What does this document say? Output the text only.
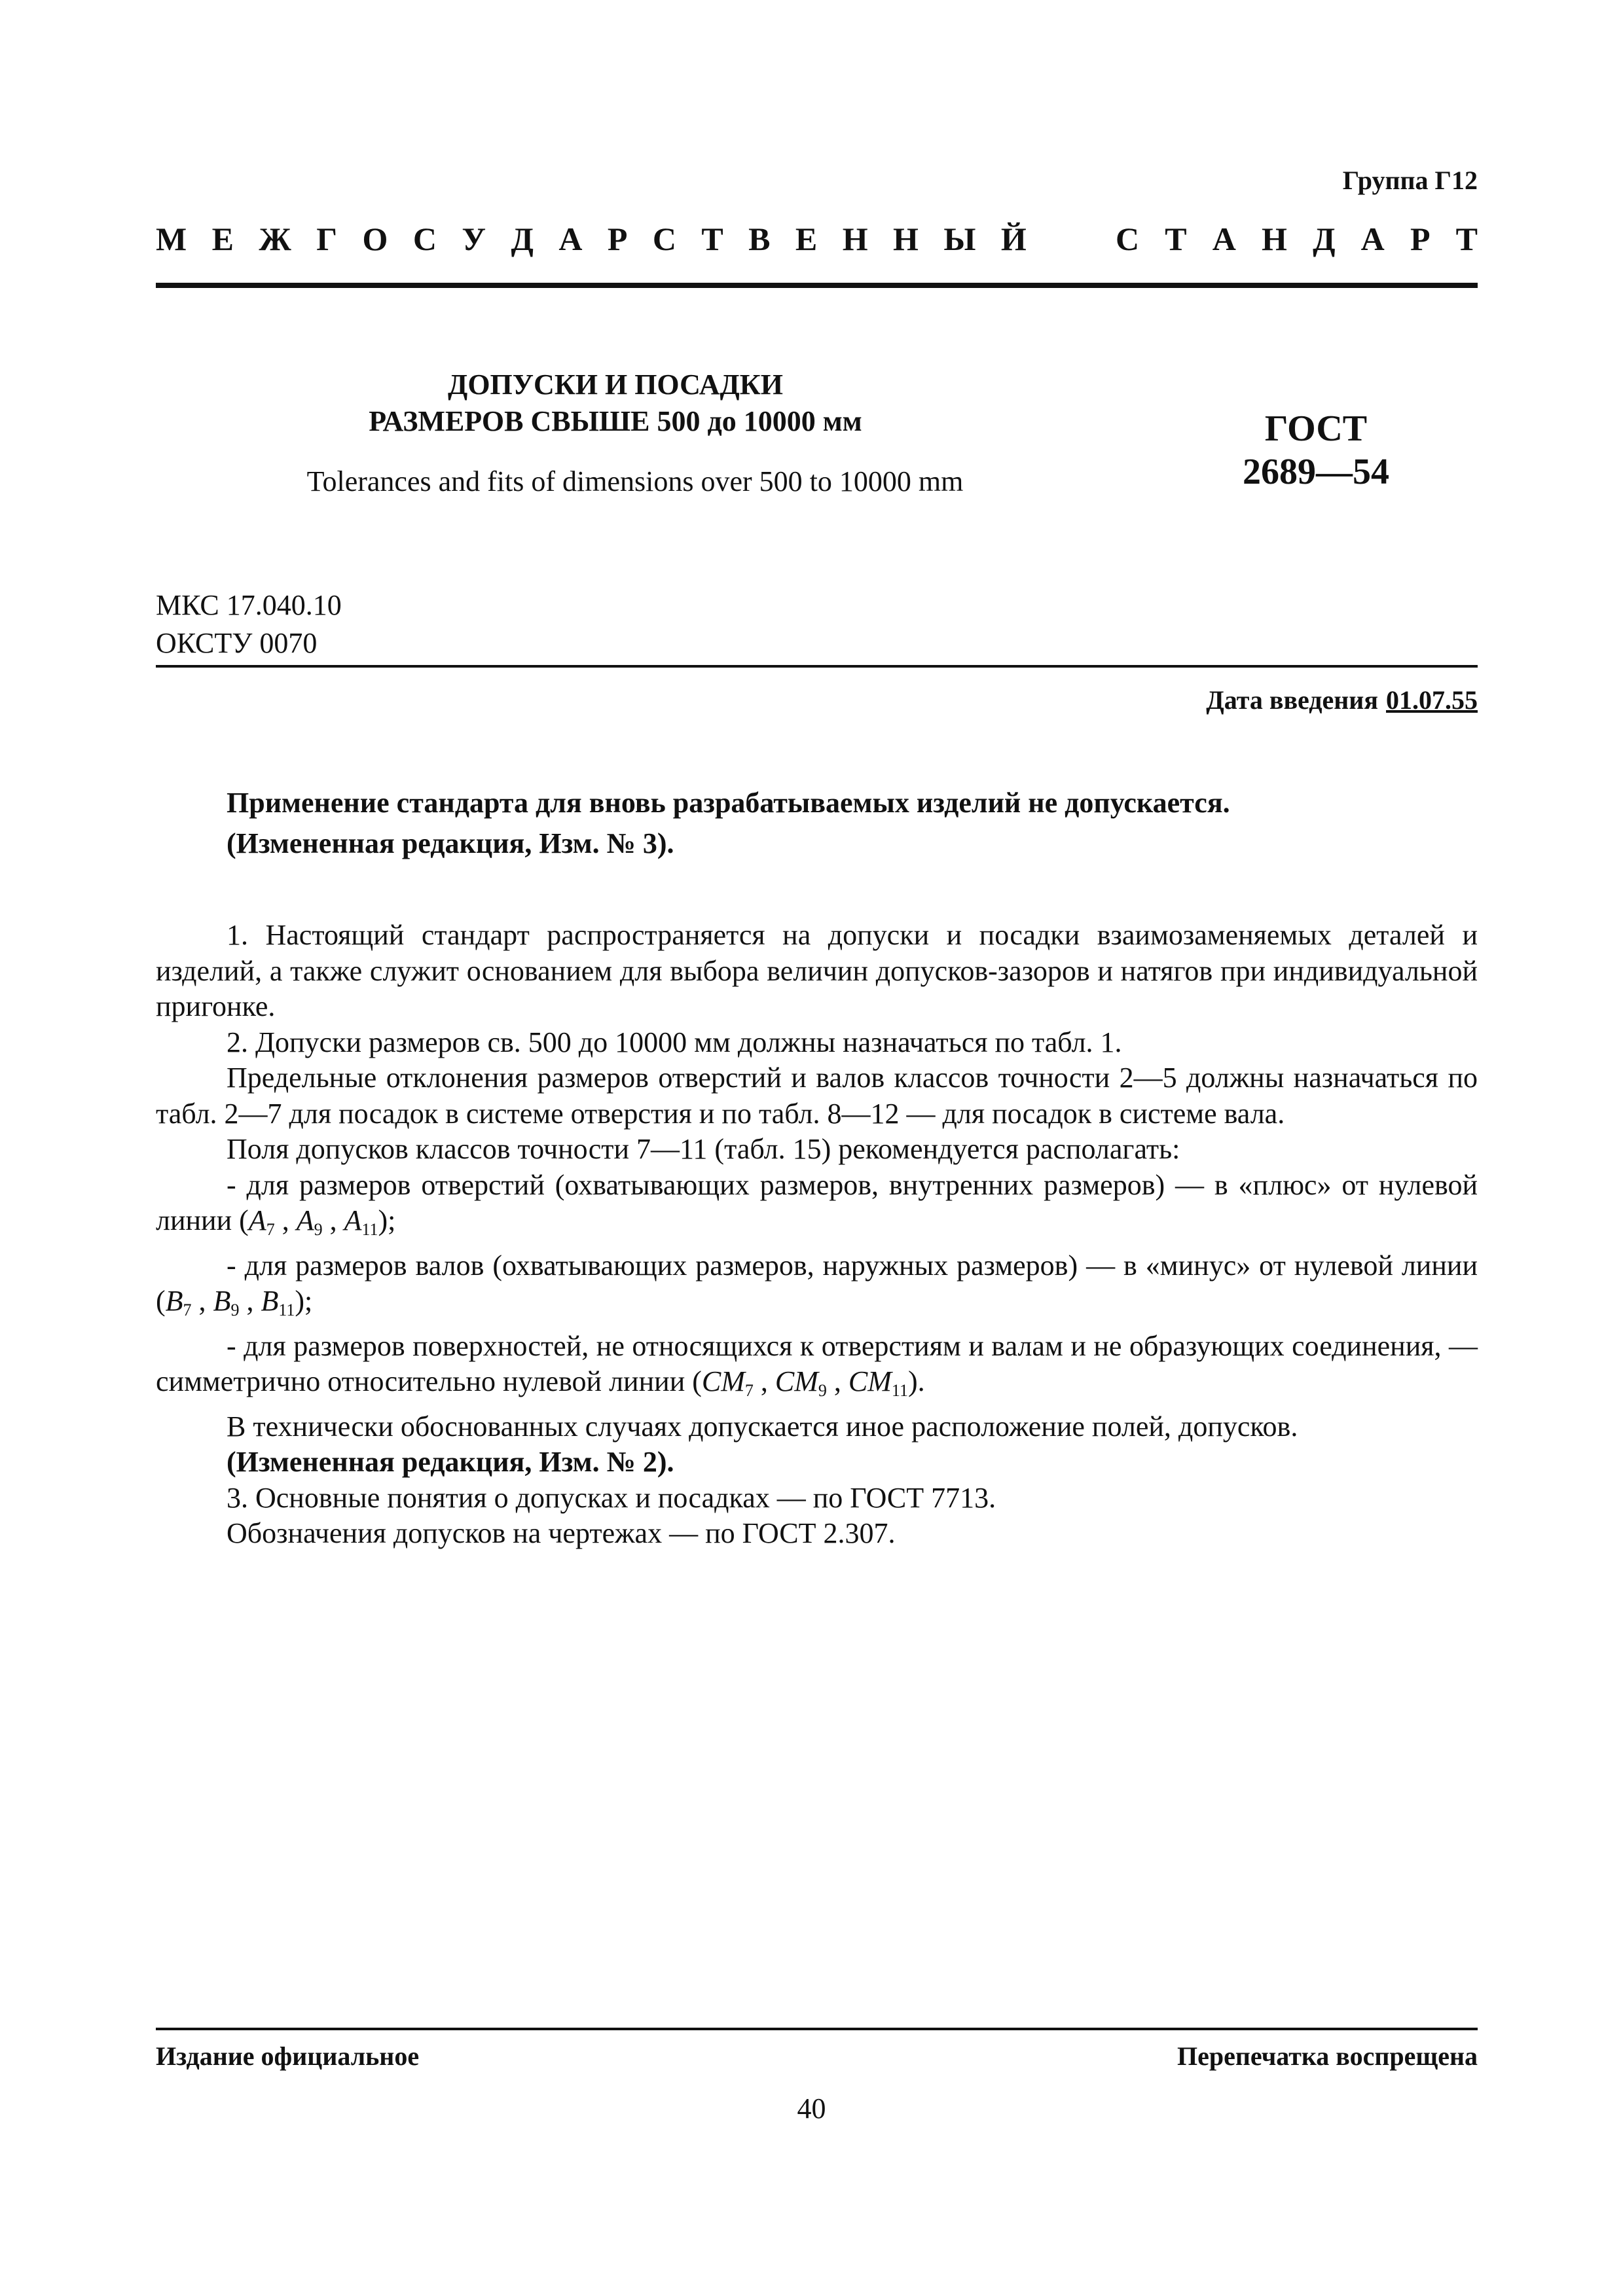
Группа Г12
М Е Ж Г О С У Д А Р С Т В Е Н Н Ы Й	С Т А Н Д А Р Т
ДОПУСКИ И ПОСАДКИ
РАЗМЕРОВ СВЫШЕ 500 до 10000 мм
Tolerances and fits of dimensions over 500 to 10000 mm
ГОСТ
2689—54
МКС 17.040.10
ОКСТУ 0070
Дата введения 01.07.55
Применение стандарта для вновь разрабатываемых изделий не допускается.
(Измененная редакция, Изм. № 3).

1. Настоящий стандарт распространяется на допуски и посадки взаимозаменяемых деталей и изделий, а также служит основанием для выбора величин допусков-зазоров и натягов при индивидуальной пригонке.

2. Допуски размеров св. 500 до 10000 мм должны назначаться по табл. 1.

Предельные отклонения размеров отверстий и валов классов точности 2—5 должны назначаться по табл. 2—7 для посадок в системе отверстия и по табл. 8—12 — для посадок в системе вала.

Поля допусков классов точности 7—11 (табл. 15) рекомендуется располагать:

- для размеров отверстий (охватывающих размеров, внутренних размеров) — в «плюс» от нулевой линии ($A_7$ , $A_9$ , $A_{11}$);

- для размеров валов (охватывающих размеров, наружных размеров) — в «минус» от нулевой линии ($B_7$ , $B_9$ , $B_{11}$);

- для размеров поверхностей, не относящихся к отверстиям и валам и не образующих соединения, — симметрично относительно нулевой линии ($CM_7$ , $CM_9$ , $CM_{11}$).

В технически обоснованных случаях допускается иное расположение полей, допусков.

(Измененная редакция, Изм. № 2).

3. Основные понятия о допусках и посадках — по ГОСТ 7713.

Обозначения допусков на чертежах — по ГОСТ 2.307.

Издание официальное	Перепечатка воспрещена
40
